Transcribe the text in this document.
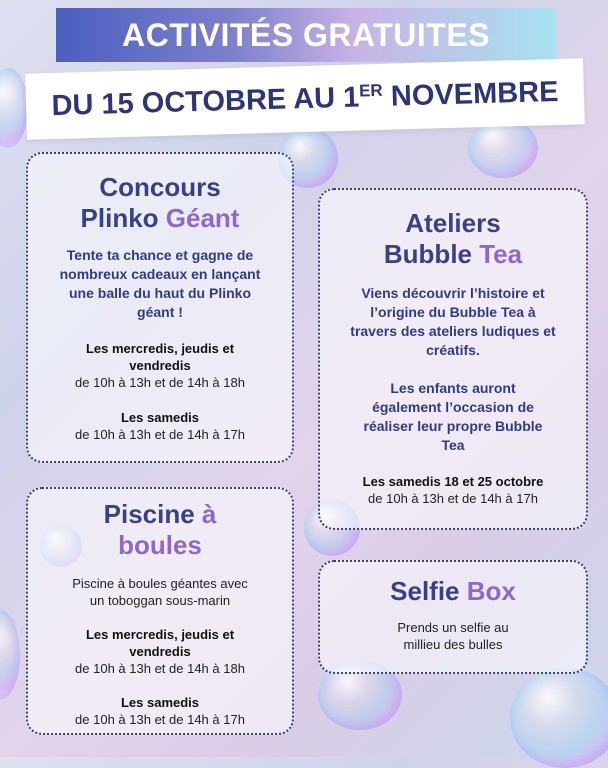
ACTIVITÉS GRATUITES
DU 15 OCTOBRE AU 1ER NOVEMBRE
Concours
Plinko Géant
Tente ta chance et gagne de nombreux cadeaux en lançant une balle du haut du Plinko géant !
Les mercredis, jeudis et vendredis
de 10h à 13h et de 14h à 18h
Les samedis
de 10h à 13h et de 14h à 17h
Ateliers
Bubble Tea
Viens découvrir l’histoire et l’origine du Bubble Tea à travers des ateliers ludiques et créatifs.
Les enfants auront également l’occasion de réaliser leur propre Bubble Tea
Les samedis 18 et 25 octobre
de 10h à 13h et de 14h à 17h
Piscine à
boules
Piscine à boules géantes avec un toboggan sous-marin
Les mercredis, jeudis et vendredis
de 10h à 13h et de 14h à 18h
Les samedis
de 10h à 13h et de 14h à 17h
Selfie Box
Prends un selfie au millieu des bulles
